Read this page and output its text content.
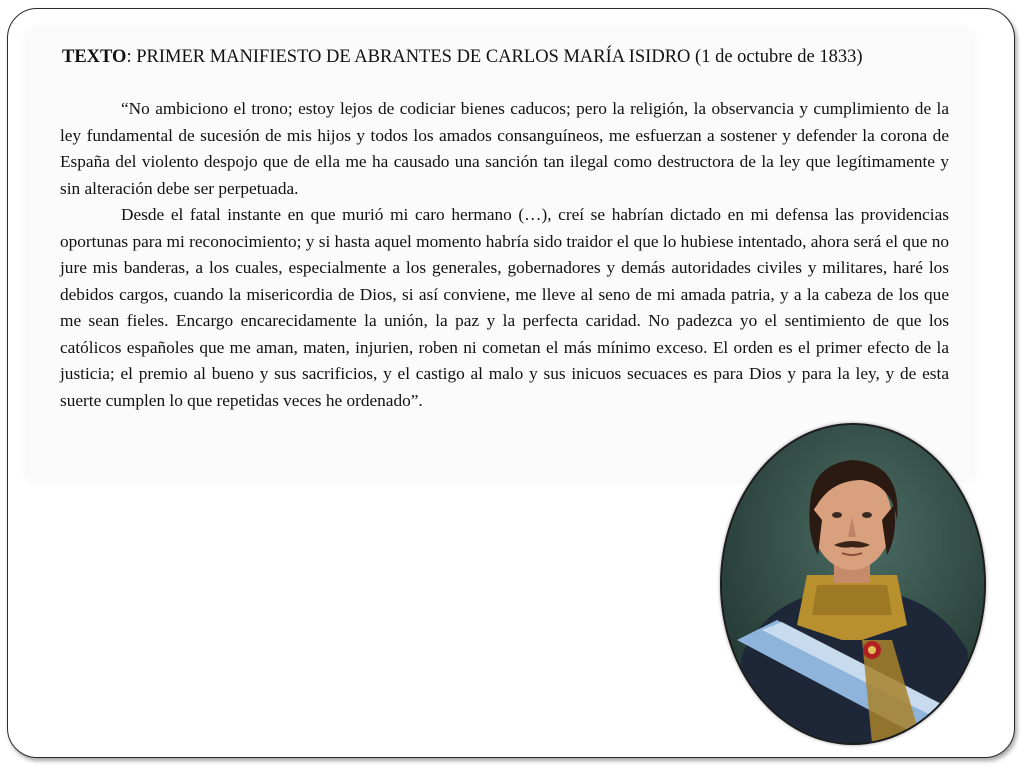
TEXTO: PRIMER MANIFIESTO DE ABRANTES DE CARLOS MARÍA ISIDRO (1 de octubre de 1833)

“No ambiciono el trono; estoy lejos de codiciar bienes caducos; pero la religión, la observancia y cumplimiento de la ley fundamental de sucesión de mis hijos y todos los amados consanguíneos, me esfuerzan a sostener y defender la corona de España del violento despojo que de ella me ha causado una sanción tan ilegal como destructora de la ley que legítimamente y sin alteración debe ser perpetuada.

Desde el fatal instante en que murió mi caro hermano (…), creí se habrían dictado en mi defensa las providencias oportunas para mi reconocimiento; y si hasta aquel momento habría sido traidor el que lo hubiese intentado, ahora será el que no jure mis banderas, a los cuales, especialmente a los generales, gobernadores y demás autoridades civiles y militares, haré los debidos cargos, cuando la misericordia de Dios, si así conviene, me lleve al seno de mi amada patria, y a la cabeza de los que me sean fieles. Encargo encarecidamente la unión, la paz y la perfecta caridad. No padezca yo el sentimiento de que los católicos españoles que me aman, maten, injurien, roben ni cometan el más mínimo exceso. El orden es el primer efecto de la justicia; el premio al bueno y sus sacrificios, y el castigo al malo y sus inicuos secuaces es para Dios y para la ley, y de esta suerte cumplen lo que repetidas veces he ordenado”.
